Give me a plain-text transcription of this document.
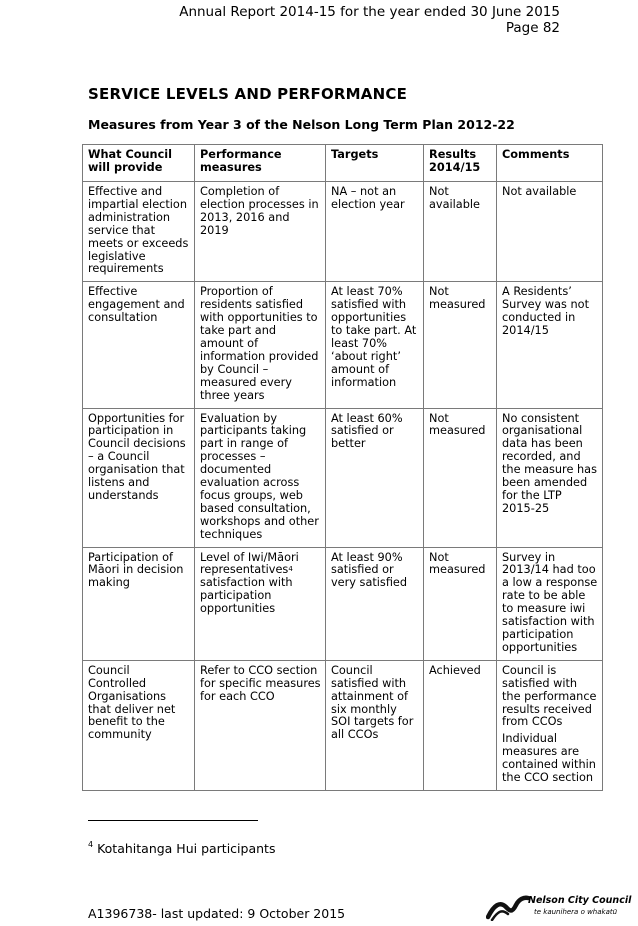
Annual Report 2014-15 for the year ended 30 June 2015
Page 82
SERVICE LEVELS AND PERFORMANCE
Measures from Year 3 of the Nelson Long Term Plan 2012-22
What Council will provide	Performance measures	Targets	Results 2014/15	Comments
Effective and impartial election administration service that meets or exceeds legislative requirements	Completion of election processes in 2013, 2016 and 2019	NA – not an election year	Not available	Not available
Effective engagement and consultation	Proportion of residents satisfied with opportunities to take part and amount of information provided by Council – measured every three years	At least 70% satisfied with opportunities to take part. At least 70% ‘about right’ amount of information	Not measured	A Residents’ Survey was not conducted in 2014/15
Opportunities for participation in Council decisions – a Council organisation that listens and understands	Evaluation by participants taking part in range of processes – documented evaluation across focus groups, web based consultation, workshops and other techniques	At least 60% satisfied or better	Not measured	No consistent organisational data has been recorded, and the measure has been amended for the LTP 2015-25
Participation of Māori in decision making	Level of Iwi/Māori representatives$^4$ satisfaction with participation opportunities	At least 90% satisfied or very satisfied	Not measured	Survey in 2013/14 had too a low a response rate to be able to measure iwi satisfaction with participation opportunities
Council Controlled Organisations that deliver net benefit to the community	Refer to CCO section for specific measures for each CCO	Council satisfied with attainment of six monthly SOI targets for all CCOs	Achieved	Council is satisfied with the performance results received from CCOs

Individual measures are contained within the CCO section

$^4$ Kotahitanga Hui participants
A1396738- last updated: 9 October 2015
Nelson City Council
te kaunihera o whakatū
